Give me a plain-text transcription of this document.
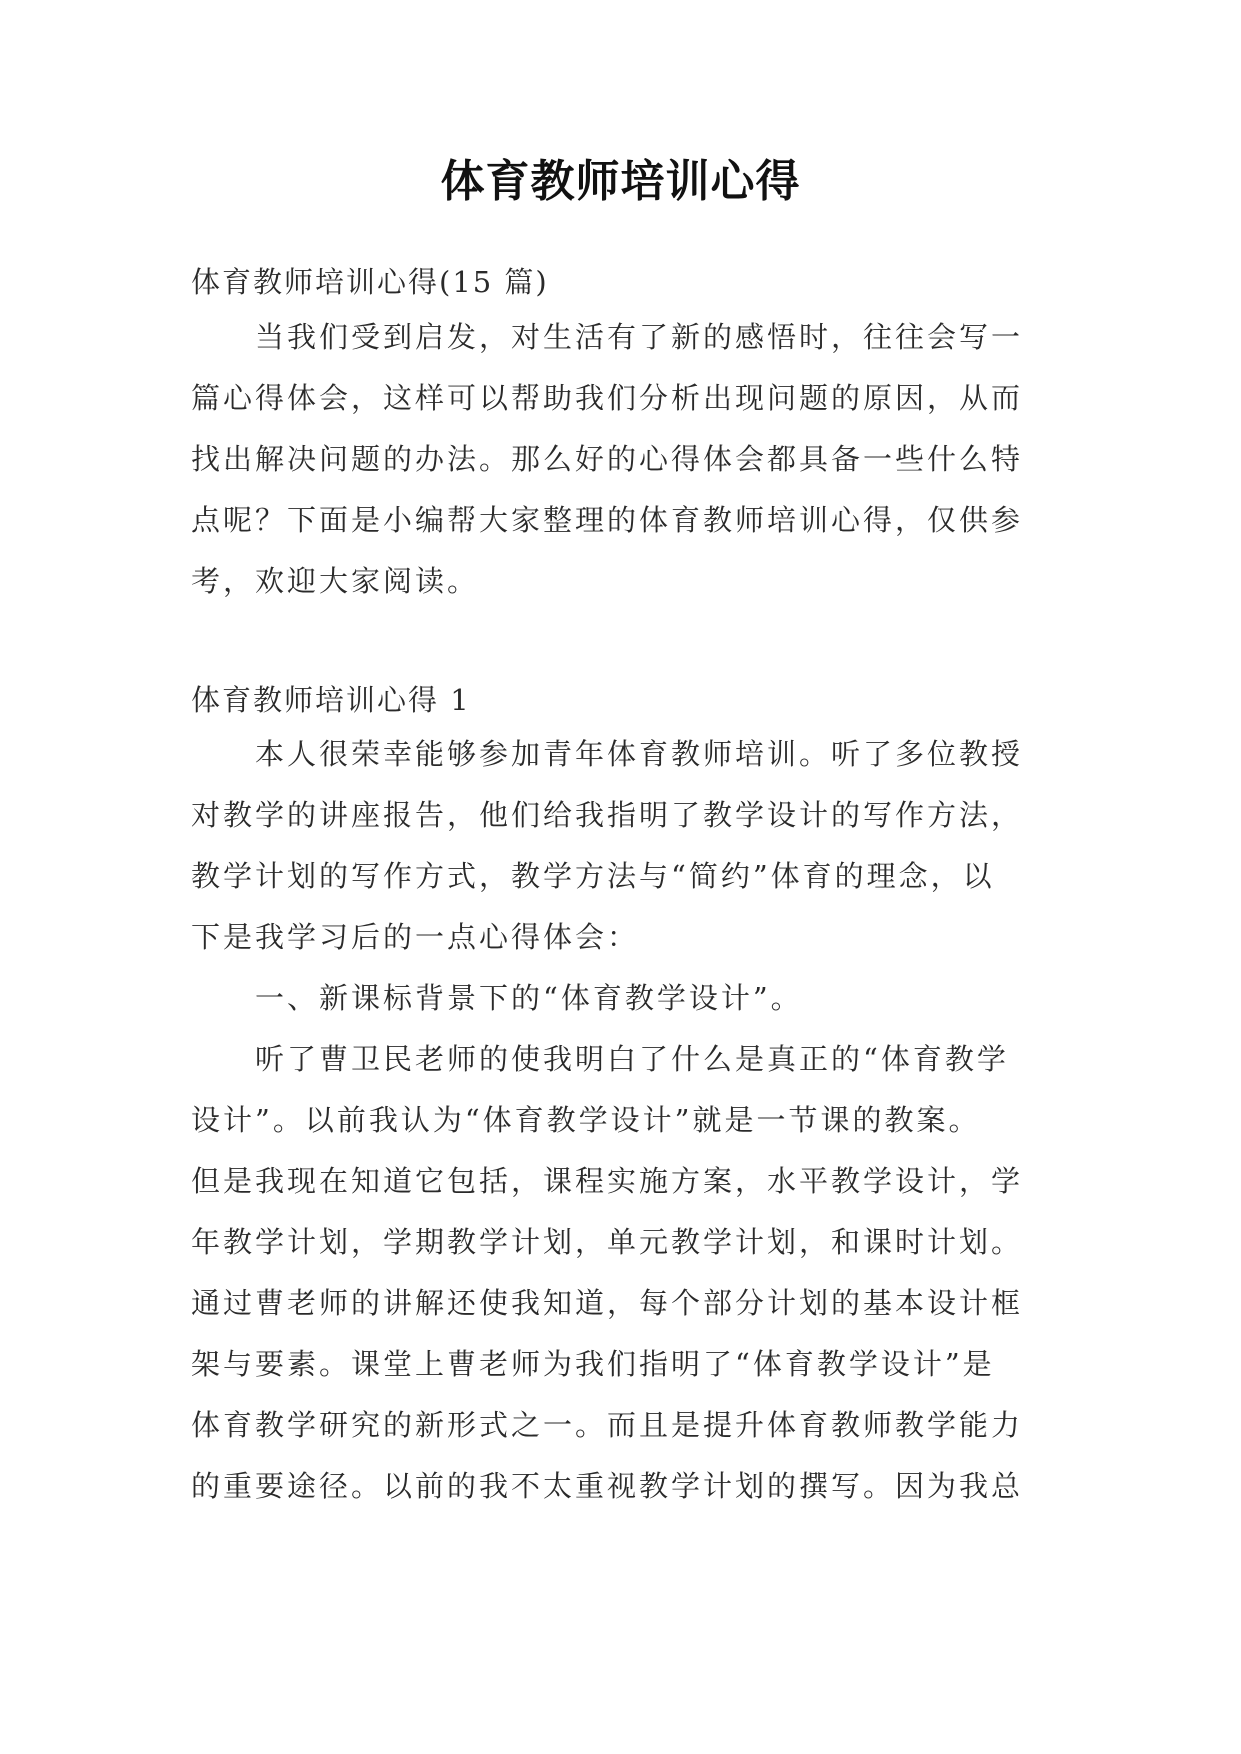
体育教师培训心得
体育教师培训心得(15 篇)
　　当我们受到启发，对生活有了新的感悟时，往往会写一
篇心得体会，这样可以帮助我们分析出现问题的原因，从而
找出解决问题的办法。那么好的心得体会都具备一些什么特
点呢？下面是小编帮大家整理的体育教师培训心得，仅供参
考，欢迎大家阅读。
体育教师培训心得 1
　　本人很荣幸能够参加青年体育教师培训。听了多位教授
对教学的讲座报告，他们给我指明了教学设计的写作方法，
教学计划的写作方式，教学方法与“简约”体育的理念，以
下是我学习后的一点心得体会：
　　一、新课标背景下的“体育教学设计”。
　　听了曹卫民老师的使我明白了什么是真正的“体育教学
设计”。以前我认为“体育教学设计”就是一节课的教案。
但是我现在知道它包括，课程实施方案，水平教学设计，学
年教学计划，学期教学计划，单元教学计划，和课时计划。
通过曹老师的讲解还使我知道，每个部分计划的基本设计框
架与要素。课堂上曹老师为我们指明了“体育教学设计”是
体育教学研究的新形式之一。而且是提升体育教师教学能力
的重要途径。以前的我不太重视教学计划的撰写。因为我总
